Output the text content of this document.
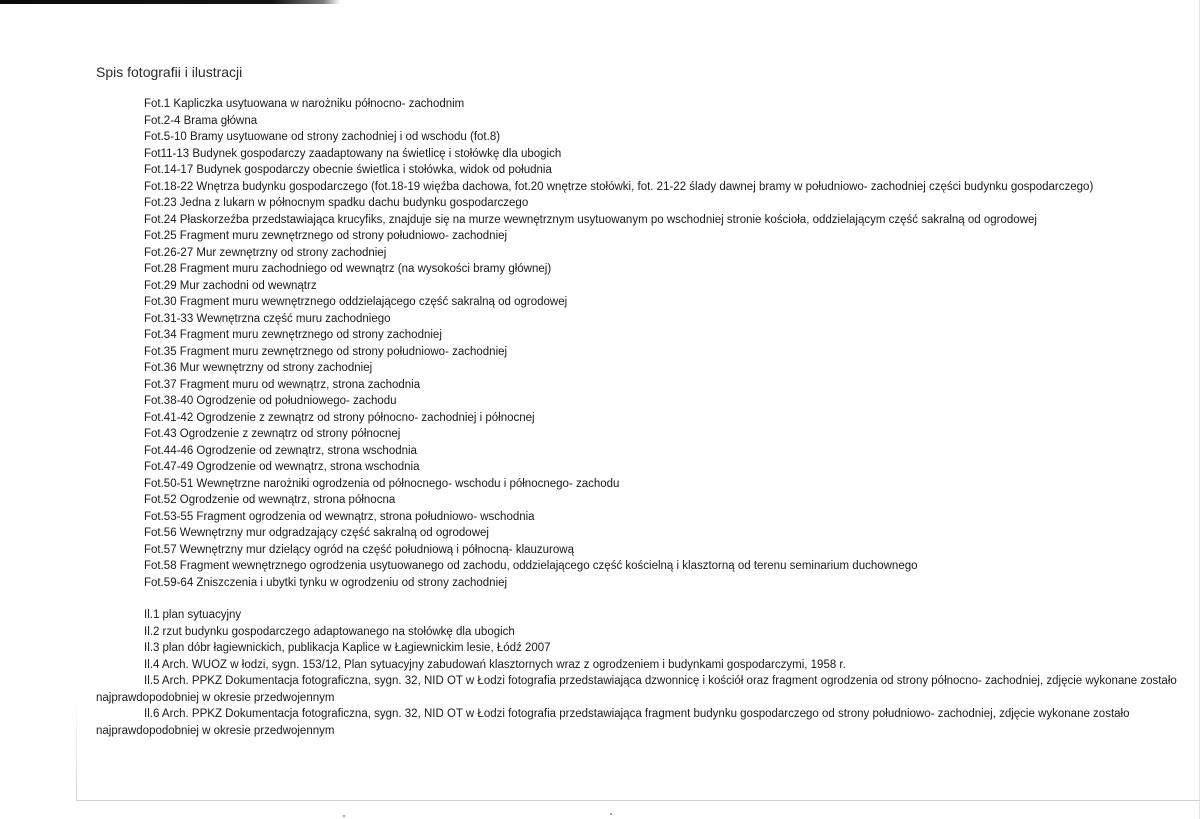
Spis fotografii i ilustracji
Fot.1 Kapliczka usytuowana w narożniku północno- zachodnim
Fot.2-4 Brama główna
Fot.5-10 Bramy usytuowane od strony zachodniej i od wschodu (fot.8)
Fot11-13 Budynek gospodarczy zaadaptowany na świetlicę i stołówkę dla ubogich
Fot.14-17 Budynek gospodarczy obecnie świetlica i stołówka, widok od południa
Fot.18-22 Wnętrza budynku gospodarczego (fot.18-19 więźba dachowa, fot.20 wnętrze stołówki, fot. 21-22 ślady dawnej bramy w południowo- zachodniej części budynku gospodarczego)
Fot.23 Jedna z lukarn w północnym spadku dachu budynku gospodarczego
Fot.24 Płaskorzeźba przedstawiająca krucyfiks, znajduje się na murze wewnętrznym usytuowanym po wschodniej stronie kościoła, oddzielającym część sakralną od ogrodowej
Fot.25 Fragment muru zewnętrznego od strony południowo- zachodniej
Fot.26-27 Mur zewnętrzny od strony zachodniej
Fot.28 Fragment muru zachodniego od wewnątrz (na wysokości bramy głównej)
Fot.29 Mur zachodni od wewnątrz
Fot.30 Fragment muru wewnętrznego oddzielającego część sakralną od ogrodowej
Fot.31-33 Wewnętrzna część muru zachodniego
Fot.34 Fragment muru zewnętrznego od strony zachodniej
Fot.35 Fragment muru zewnętrznego od strony południowo- zachodniej
Fot.36 Mur wewnętrzny od strony zachodniej
Fot.37 Fragment muru od wewnątrz, strona zachodnia
Fot.38-40 Ogrodzenie od południowego- zachodu
Fot.41-42 Ogrodzenie z zewnątrz od strony północno- zachodniej i północnej
Fot.43 Ogrodzenie z zewnątrz od strony północnej
Fot.44-46 Ogrodzenie od zewnątrz, strona wschodnia
Fot.47-49 Ogrodzenie od wewnątrz, strona wschodnia
Fot.50-51 Wewnętrzne narożniki ogrodzenia od północnego- wschodu i północnego- zachodu
Fot.52 Ogrodzenie od wewnątrz, strona północna
Fot.53-55 Fragment ogrodzenia od wewnątrz, strona południowo- wschodnia
Fot.56 Wewnętrzny mur odgradzający część sakralną od ogrodowej
Fot.57 Wewnętrzny mur dzielący ogród na część południową i północną- klauzurową
Fot.58 Fragment wewnętrznego ogrodzenia usytuowanego od zachodu, oddzielającego część kościelną i klasztorną od terenu seminarium duchownego
Fot.59-64 Zniszczenia i ubytki tynku w ogrodzeniu od strony zachodniej
Il.1 plan sytuacyjny
Il.2 rzut budynku gospodarczego adaptowanego na stołówkę dla ubogich
Il.3 plan dóbr łagiewnickich, publikacja Kaplice w Łagiewnickim lesie, Łódź 2007
Il.4 Arch. WUOZ w łodzi, sygn. 153/12, Plan sytuacyjny zabudowań klasztornych wraz z ogrodzeniem i budynkami gospodarczymi, 1958 r.
Il.5 Arch. PPKZ Dokumentacja fotograficzna, sygn. 32, NID OT w Łodzi fotografia przedstawiająca dzwonnicę i kościół oraz fragment ogrodzenia od strony północno- zachodniej, zdjęcie wykonane zostało najprawdopodobniej w okresie przedwojennym
Il.6 Arch. PPKZ Dokumentacja fotograficzna, sygn. 32, NID OT w Łodzi fotografia przedstawiająca fragment budynku gospodarczego od strony południowo- zachodniej, zdjęcie wykonane zostało najprawdopodobniej w okresie przedwojennym
